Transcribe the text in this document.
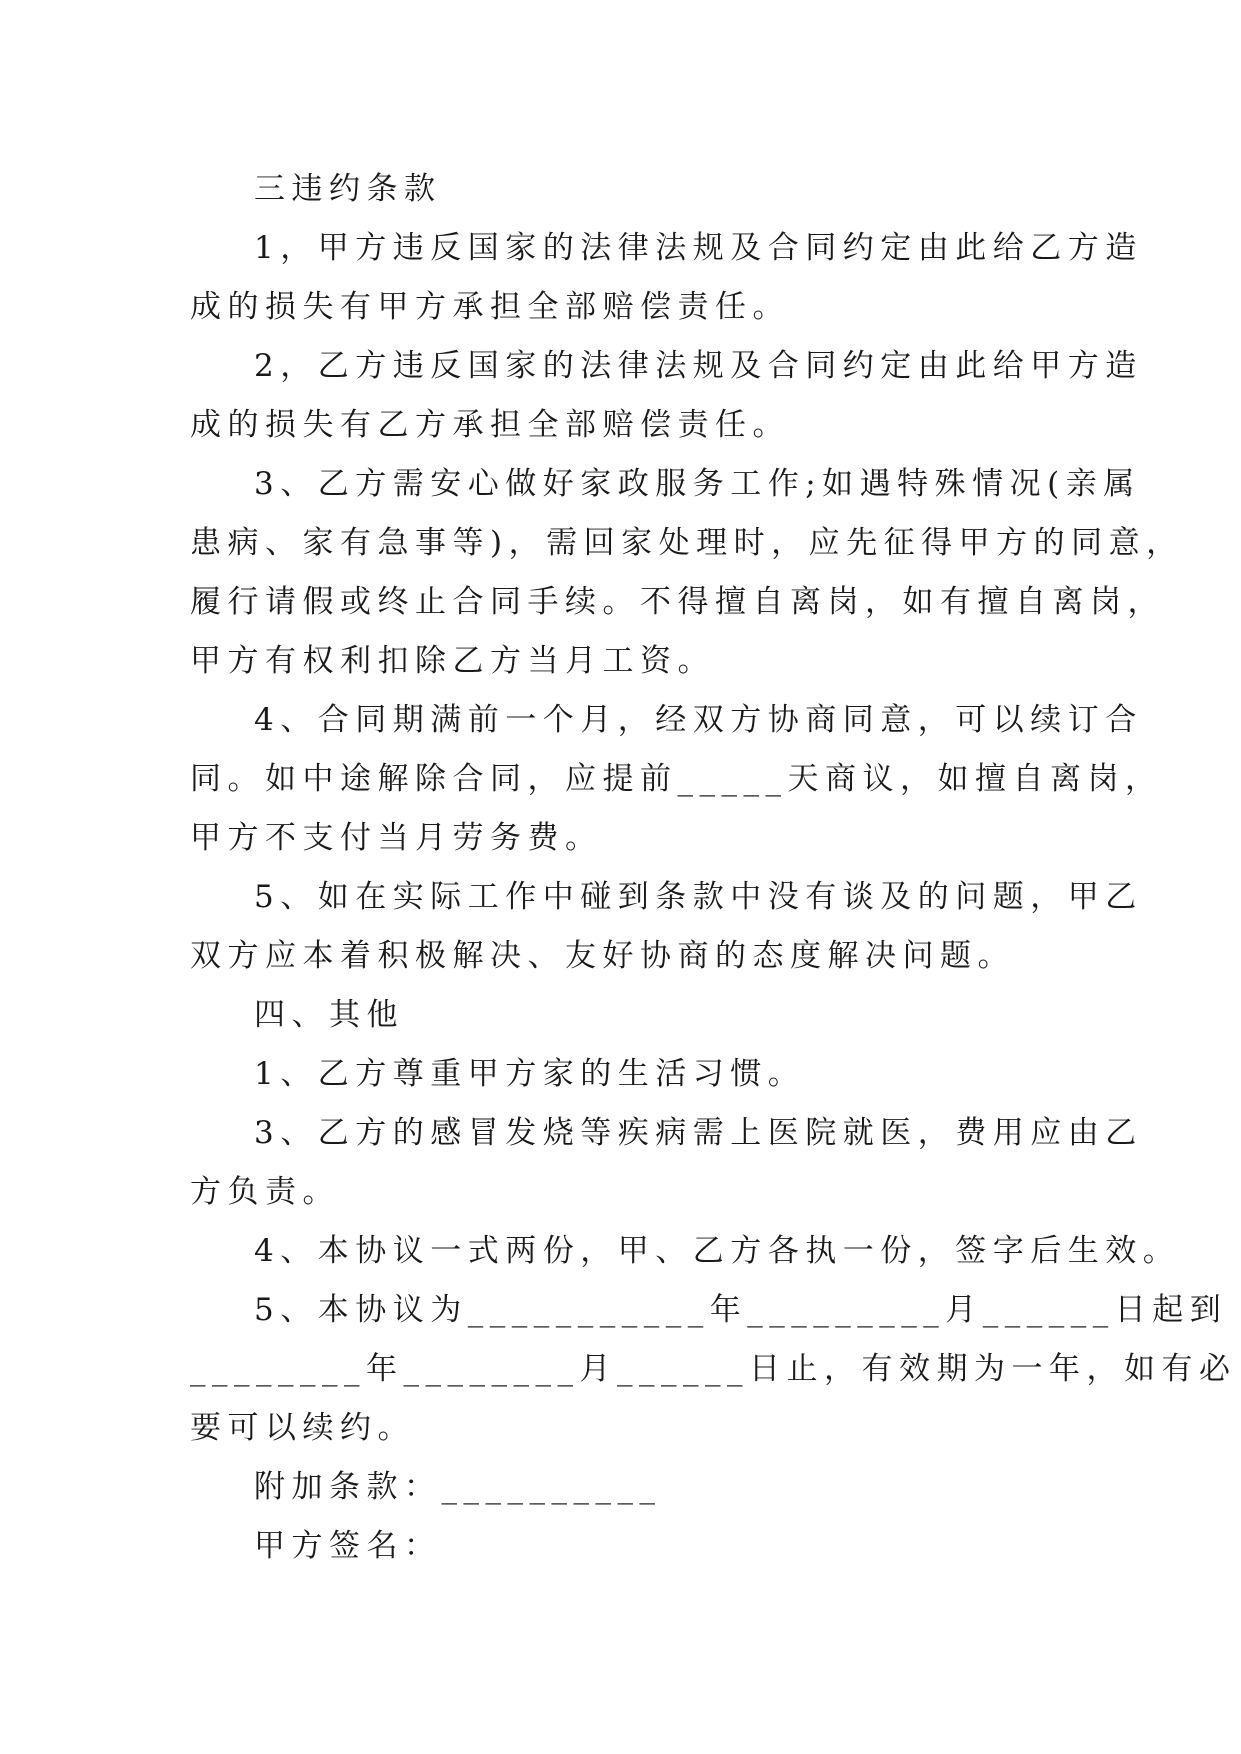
三违约条款
1，甲方违反国家的法律法规及合同约定由此给乙方造
成的损失有甲方承担全部赔偿责任。
2，乙方违反国家的法律法规及合同约定由此给甲方造
成的损失有乙方承担全部赔偿责任。
3、乙方需安心做好家政服务工作;如遇特殊情况(亲属
患病、家有急事等)，需回家处理时，应先征得甲方的同意，
履行请假或终止合同手续。不得擅自离岗，如有擅自离岗，
甲方有权利扣除乙方当月工资。
4、合同期满前一个月，经双方协商同意，可以续订合
同。如中途解除合同，应提前_____天商议，如擅自离岗，
甲方不支付当月劳务费。
5、如在实际工作中碰到条款中没有谈及的问题，甲乙
双方应本着积极解决、友好协商的态度解决问题。
四、其他
1、乙方尊重甲方家的生活习惯。
3、乙方的感冒发烧等疾病需上医院就医，费用应由乙
方负责。
4、本协议一式两份，甲、乙方各执一份，签字后生效。
5、本协议为___________年_________月______日起到
________年________月______日止，有效期为一年，如有必
要可以续约。
附加条款：__________
甲方签名：
